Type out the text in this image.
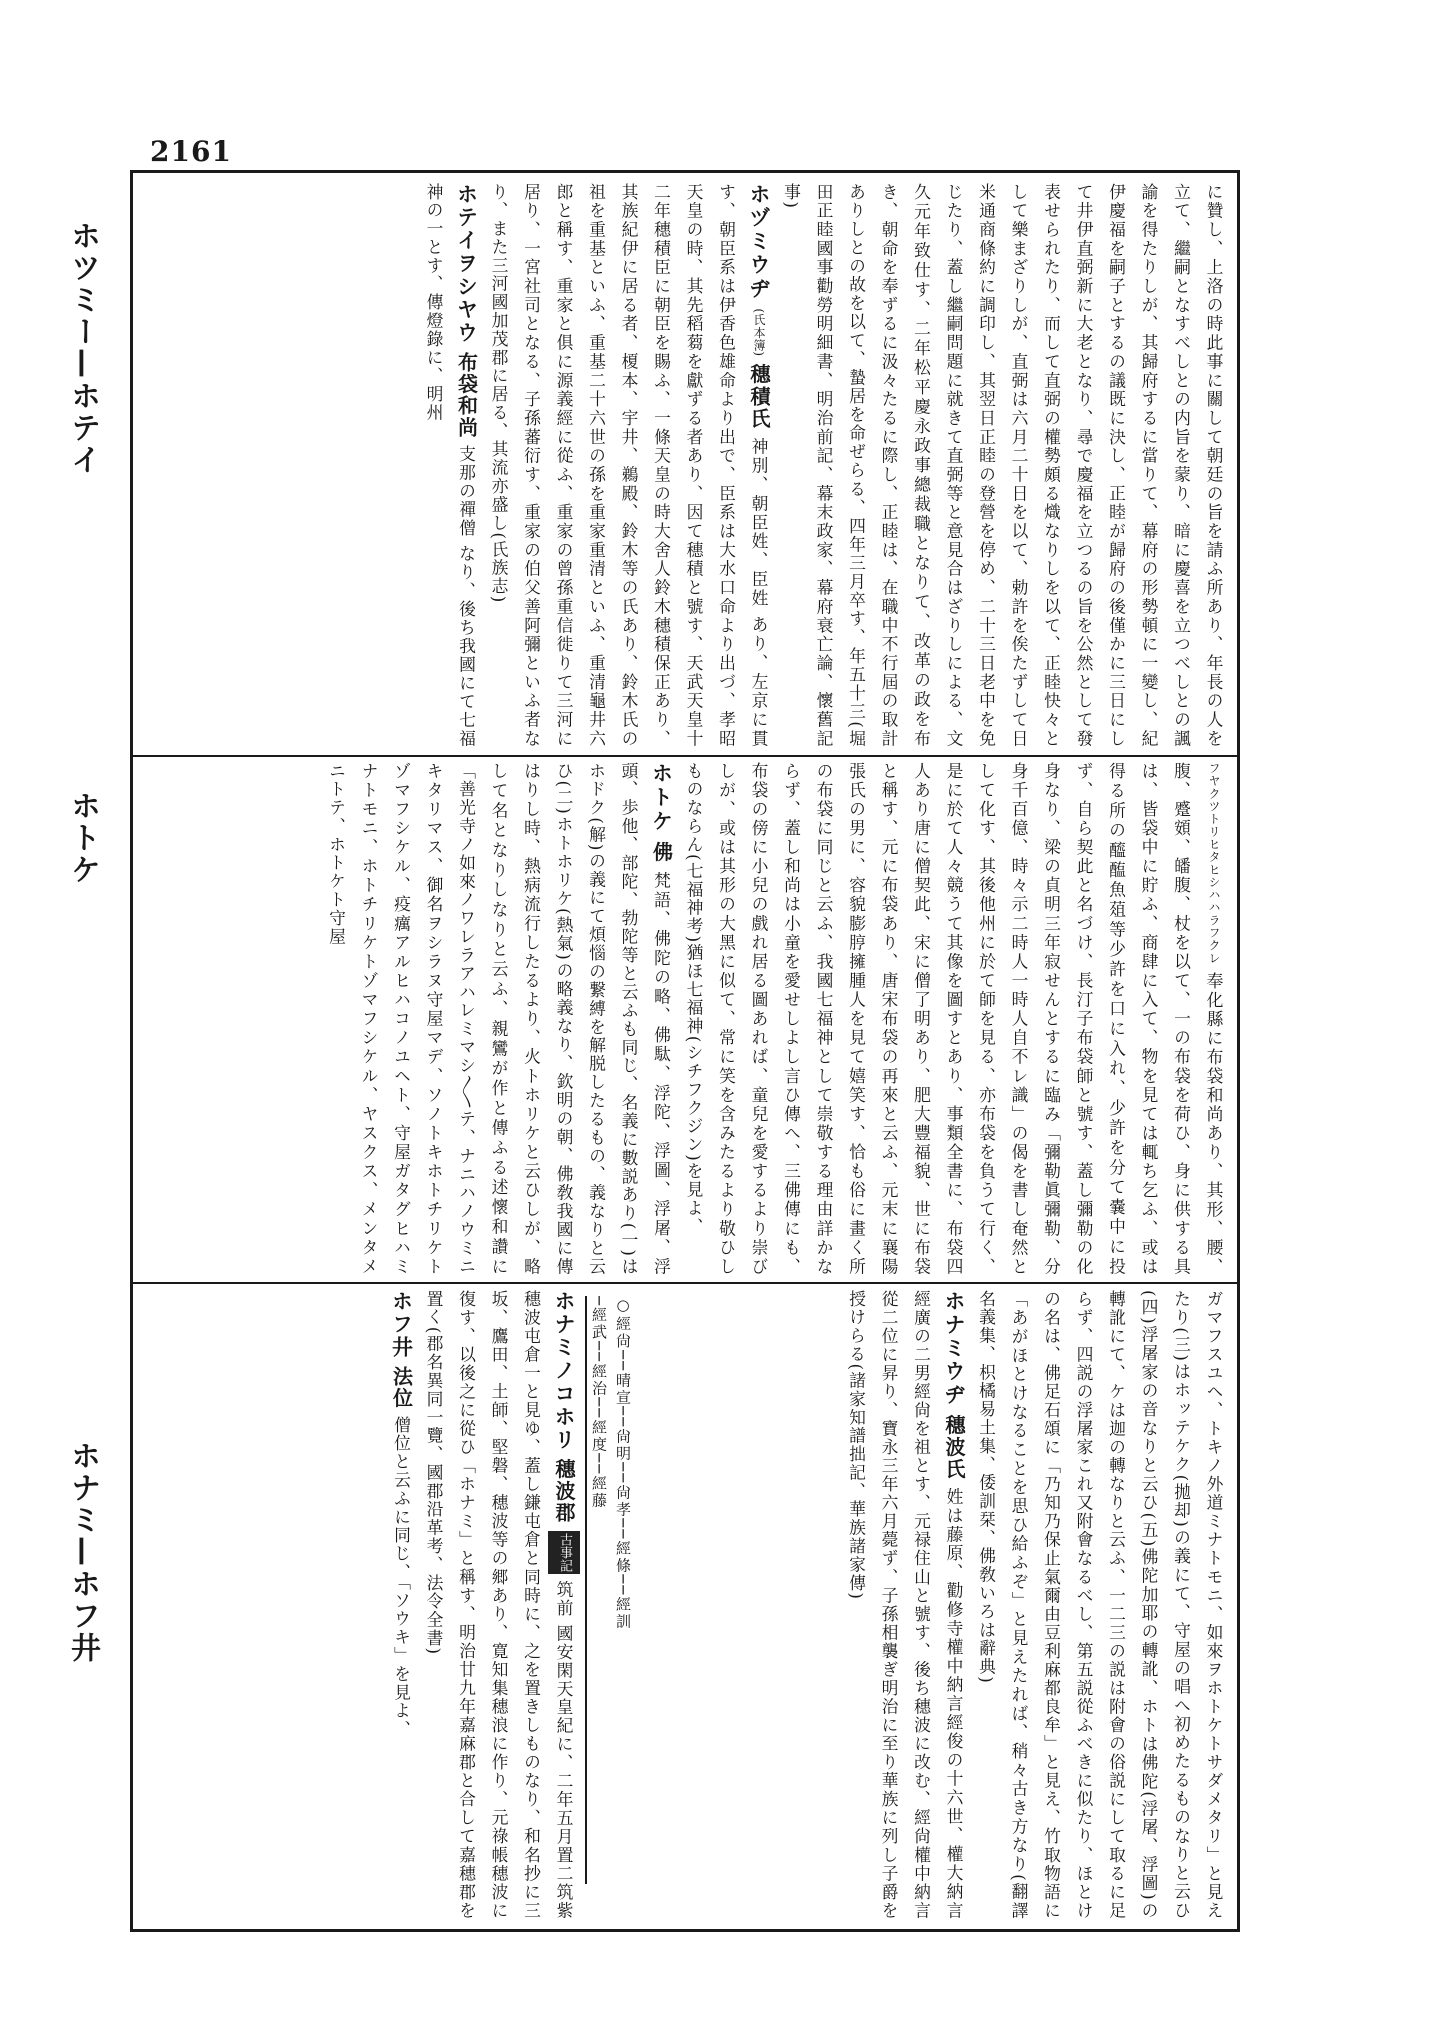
2161
ホツミー—ホテイ
ホトケ
ホナミ—ホフ井
に贊し、上洛の時此事に關して朝廷の旨を請ふ所あり、年長の人を立て、繼嗣となすべしとの内旨を蒙り、暗に慶喜を立つべしとの諷諭を得たりしが、其歸府するに當りて、幕府の形勢頓に一變し、紀伊慶福を嗣子とするの議既に決し、正睦が歸府の後僅かに三日にして井伊直弼新に大老となり、尋で慶福を立つるの旨を公然として發表せられたり、而して直弼の權勢頗る熾なりしを以て、正睦快々として樂まざりしが、直弼は六月二十日を以て、勅許を俟たずして日米通商條約に調印し、其翌日正睦の登營を停め、二十三日老中を免じたり、蓋し繼嗣問題に就きて直弼等と意見合はざりしによる、文久元年致仕す、二年松平慶永政事總裁職となりて、改革の政を布き、朝命を奉ずるに汲々たるに際し、正睦は、在職中不行屆の取計ありしとの故を以て、蟄居を命ぜらる、四年三月卒す、年五十三(堀田正睦國事勸勞明細書、明治前記、幕末政家、幕府衰亡論、懷舊記事)
ホヅミウヂ (氏本簿) 穗積氏 神別、朝臣姓、臣姓 あり、左京に貫す、朝臣系は伊香色雄命より出で、臣系は大水口命より出づ、孝昭天皇の時、其先稻蒭を獻ずる者あり、因て穗積と號す、天武天皇十二年穗積臣に朝臣を賜ふ、一條天皇の時大舍人鈴木穗積保正あり、其族紀伊に居る者、榎本、宇井、鵜殿、鈴木等の氏あり、鈴木氏の祖を重基といふ、重基二十六世の孫を重家重清といふ、重清龜井六郎と稱す、重家と俱に源義經に從ふ、重家の曾孫重信徙りて三河に居り、一宮社司となる、子孫蕃衍す、重家の伯父善阿彌といふ者なり、また三河國加茂郡に居る、其流亦盛し(氏族志)
ホテイヲシヤウ 布袋和尚 支那の禪僧 なり、後ち我國にて七福神の一とす、傳燈錄に、明州
フヤクツトリヒタヒシハハラフクレ 奉化縣に布袋和尚あり、其形、腰、腹、蹙頞、皤腹、杖を以て、一の布袋を荷ひ、身に供する具は、皆袋中に貯ふ、商肆に入て、物を見ては輒ち乞ふ、或は得る所の醯醢魚葅等少許を口に入れ、少許を分て嚢中に投ず、自ら契此と名づけ、長汀子布袋師と號す、蓋し彌勒の化身なり、梁の貞明三年寂せんとするに臨み「彌勒眞彌勒、分身千百億、時々示二時人一時人自不レ識」の偈を書し奄然として化す、其後他州に於て師を見る、亦布袋を負うて行く、是に於て人々競うて其像を圖すとあり、事類全書に、布袋四人あり唐に僧契此、宋に僧了明あり、肥大豐福貌、世に布袋と稱す、元に布袋あり、唐宋布袋の再來と云ふ、元末に襄陽張氏の男に、容貌膨脝擁腫人を見て嬉笑す、恰も俗に畫く所の布袋に同じと云ふ、我國七福神として崇敬する理由詳かならず、蓋し和尚は小童を愛せしよし言ひ傳へ、三佛傳にも、布袋の傍に小兒の戲れ居る圖あれば、童兒を愛するより崇びしが、或は其形の大黑に似て、常に笑を含みたるより敬ひしものならん(七福神考)猶ほ七福神(シチフクジン)を見よ、
ホトケ 佛 梵語、佛陀の略、佛駄、浮陀、浮圖、浮屠、浮頭、歩他、部陀、勃陀等と云ふも同じ、名義に數説あり(一)はホドク(解)の義にて煩惱の繋縛を解脱したるもの、義なりと云ひ(二)ホトホリケ(熱氣)の略義なり、欽明の朝、佛敎我國に傳はりし時、熱病流行したるより、火トホリケと云ひしが、略して名となりしなりと云ふ、親鸞が作と傳ふる述懷和讚に「善光寺ノ如來ノワレラアハレミマシ〳〵テ、ナニハノウミニキタリマス、御名ヲシラヌ守屋マデ、ソノトキホトチリケトゾマフシケル、疫癘アルヒハコノユヘト、守屋ガタグヒハミナトモニ、ホトチリケトゾマフシケル、ヤスクス、メンタメニトテ、ホトケト守屋
ガマフスユヘ、トキノ外道ミナトモニ、如來ヲホトケトサダメタリ」と見えたり(三)はホッテケク(拋却)の義にて、守屋の唱へ初めたるものなりと云ひ(四)浮屠家の音なりと云ひ(五)佛陀加耶の轉訛、ホトは佛陀(浮屠、浮圖)の轉訛にて、ケは迦の轉なりと云ふ、一二三の説は附會の俗説にして取るに足らず、四説の浮屠家これ又附會なるべし、第五説從ふべきに似たり、ほとけの名は、佛足石頌に「乃知乃保止氣爾由豆利麻都良牟」と見え、竹取物語に「あがほとけなることを思ひ給ふぞ」と見えたれば、稍々古き方なり(翻譯名義集、枳橘易土集、倭訓栞、佛敎いろは辭典)
ホナミウヂ 穗波氏 姓は藤原、勸修寺權中納言經俊の十六世、權大納言經廣の二男經尙を祖とす、元禄住山と號す、後ち穗波に改む、經尙權中納言從二位に昇り、寶永三年六月薨ず、子孫相襲ぎ明治に至り華族に列し子爵を授けらる(諸家知譜拙記、華族諸家傳)
○經尙──晴宣──尙明──尙孝──經條──經訓
─經武──經治──經度──經藤
ホナミノコホリ 穗波郡 古事記 筑前 國安閑天皇紀に、二年五月置二筑紫穗波屯倉一と見ゆ、蓋し鎌屯倉と同時に、之を置きしものなり、和名抄に三坂、鷹田、土師、堅磐、穗波等の郷あり、寛知集穗浪に作り、元祿帳穗波に復す、以後之に從ひ「ホナミ」と稱す、明治廿九年嘉麻郡と合して嘉穗郡を置く(郡名異同一覽、國郡沿革考、法令全書)
ホフ井 法位 僧位と云ふに同じ、「ソウキ」を見よ、
